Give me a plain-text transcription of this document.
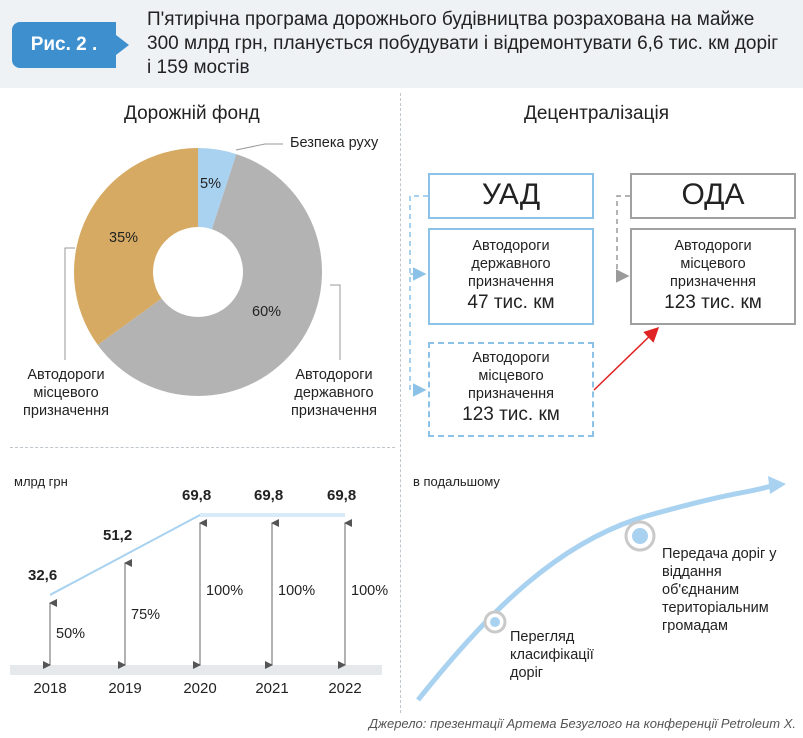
Рис. 2 .
П'ятирічна програма дорожнього будівництва розрахована на майже 300 млрд грн, планується побудувати і відремонтувати 6,6 тис. км доріг і 159 мостів
Дорожній фонд	Децентралізація
5%
60%
35%
Безпека руху
Автодороги державного призначення
Автодороги місцевого призначення
УАД
Автодороги
державного
призначення
47 тис. км
Автодороги
місцевого
призначення
123 тис. км
ОДА
Автодороги
місцевого
призначення
123 тис. км
млрд грн
32,6
50%
2018
51,2
75%
2019
69,8
100%
2020
69,8
100%
2021
69,8
100%
2022
в подальшому
Перегляд класифікації доріг
Передача доріг у віддання об'єднаним територіальним громадам
Джерело: презентації Артема Безуглого на конференції Petroleum X.
